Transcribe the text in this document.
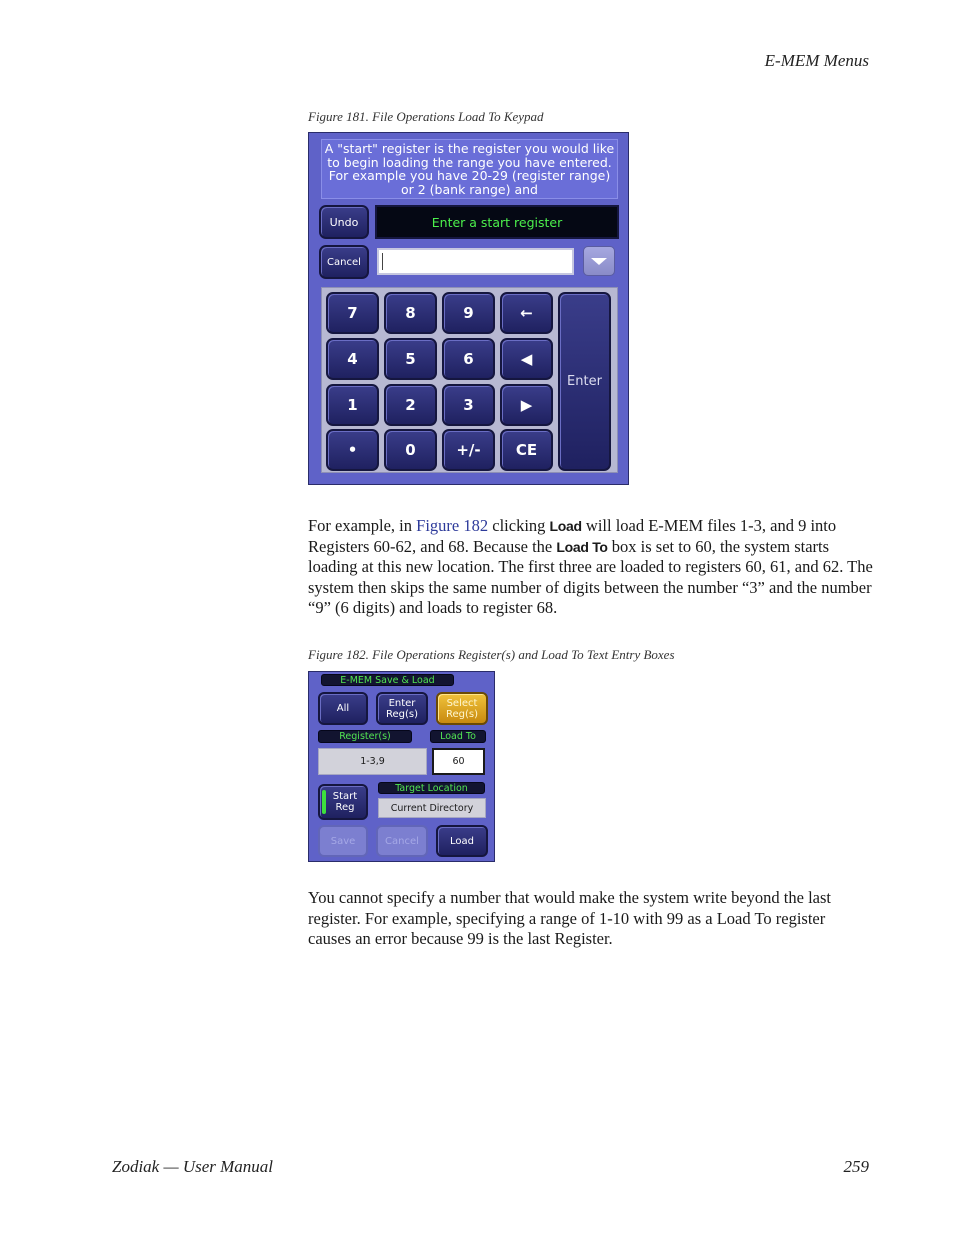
E-MEM Menus
Figure 181. File Operations Load To Keypad
A "start" register is the register you would like to begin loading the range you have entered. For example you have 20-29 (register range) or 2 (bank range) and
Undo	Enter a start register
Cancel
7	8	9	←
4	5	6	◀
1	2	3	▶
•	0	+/-	CE
Enter
For example, in Figure 182 clicking Load will load E-MEM files 1-3, and 9 into Registers 60-62, and 68. Because the Load To box is set to 60, the system starts loading at this new location. The first three are loaded to registers 60, 61, and 62. The system then skips the same number of digits between the number “3” and the number “9” (6 digits) and loads to register 68.
Figure 182. File Operations Register(s) and Load To Text Entry Boxes
E-MEM Save & Load
All	Enter Reg(s)
Select Reg(s)
Register(s)	Load To
1-3,9	60
Start Reg
Target Location
Current Directory
Save	Cancel	Load
You cannot specify a number that would make the system write beyond the last register. For example, specifying a range of 1-10 with 99 as a Load To register causes an error because 99 is the last Register.
Zodiak — User Manual	259
